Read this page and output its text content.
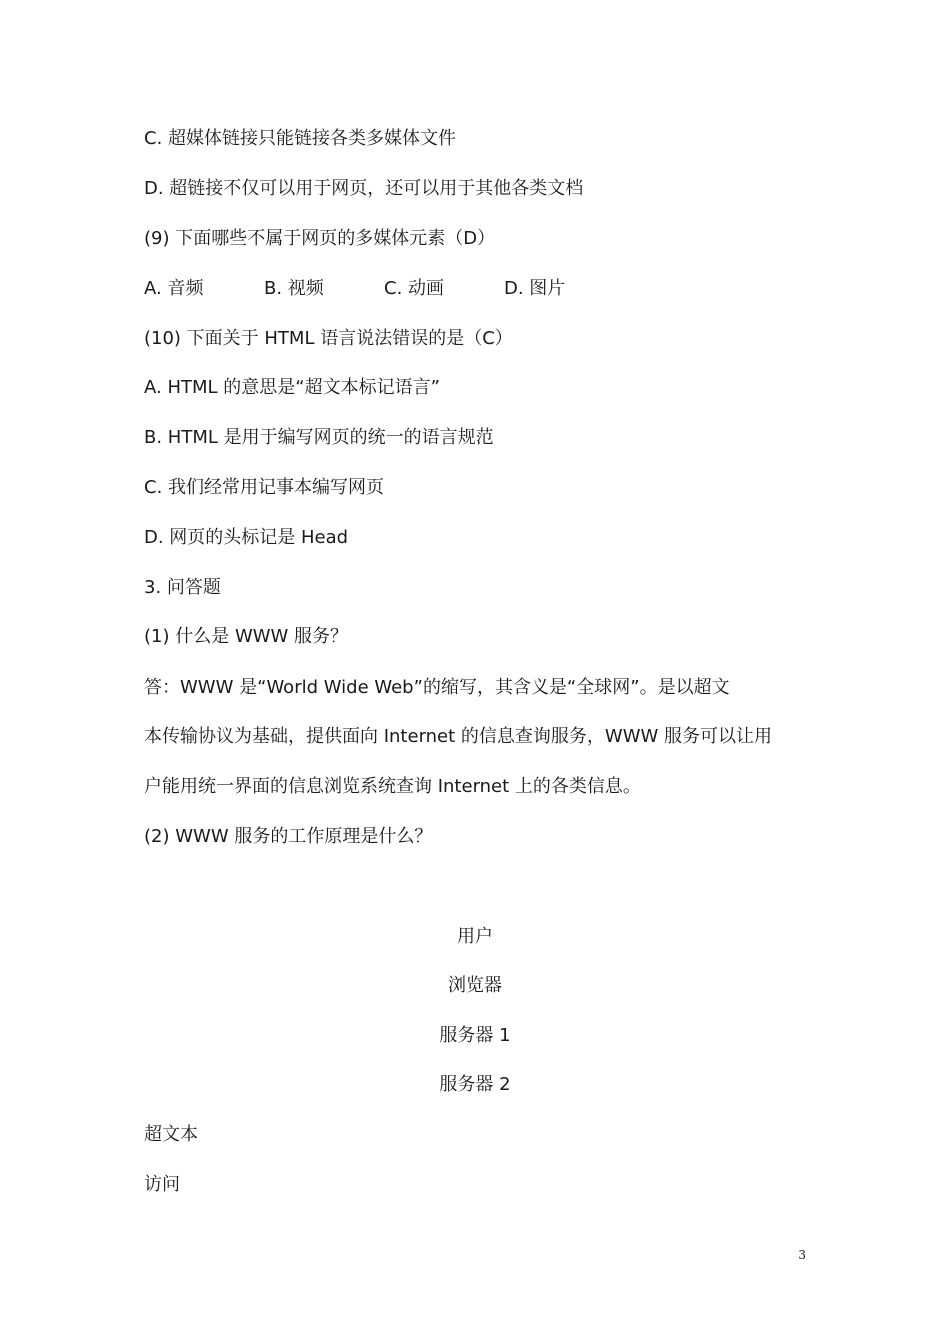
C. 超媒体链接只能链接各类多媒体文件
D. 超链接不仅可以用于网页，还可以用于其他各类文档
(9) 下面哪些不属于网页的多媒体元素（D）
A. 音频	B. 视频	C. 动画	D. 图片
(10) 下面关于 HTML 语言说法错误的是（C）
A. HTML 的意思是“超文本标记语言”
B. HTML 是用于编写网页的统一的语言规范
C. 我们经常用记事本编写网页
D. 网页的头标记是 Head
3. 问答题
(1) 什么是 WWW 服务？
答：WWW 是“World Wide Web”的缩写，其含义是“全球网”。是以超文
本传输协议为基础，提供面向 Internet 的信息查询服务，WWW 服务可以让用
户能用统一界面的信息浏览系统查询 Internet 上的各类信息。
(2) WWW 服务的工作原理是什么？
用户
浏览器
服务器 1
服务器 2
超文本
访问
3
